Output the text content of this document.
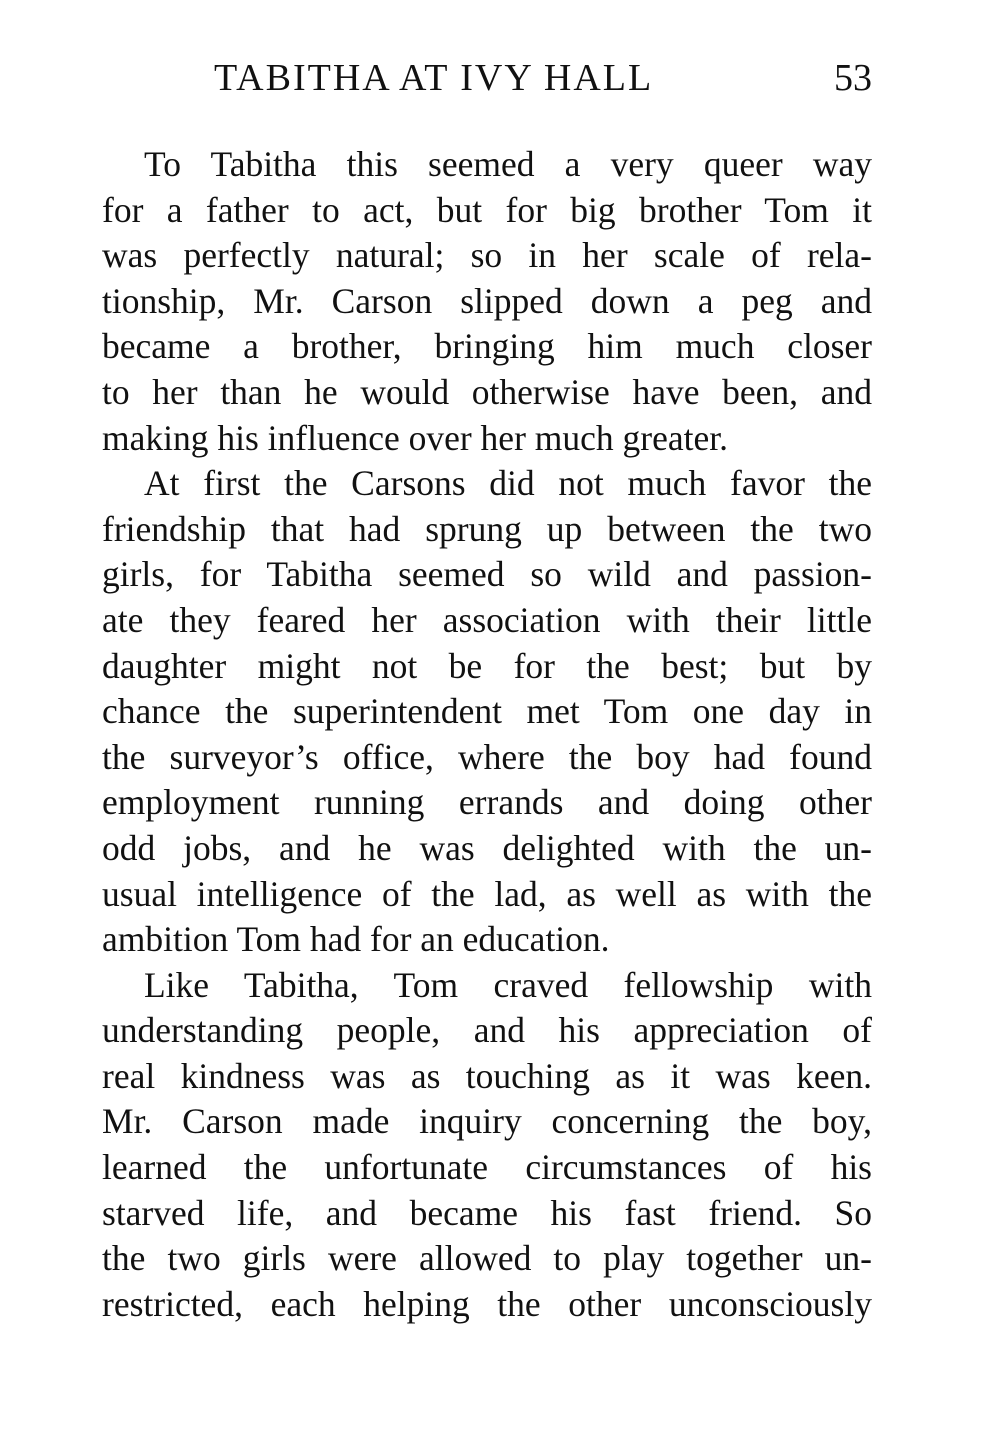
TABITHA AT IVY HALL	53
To Tabitha this seemed a very queer way
for a father to act, but for big brother Tom it
was perfectly natural; so in her scale of rela-
tionship, Mr. Carson slipped down a peg and
became a brother, bringing him much closer
to her than he would otherwise have been, and
making his influence over her much greater.
At first the Carsons did not much favor the
friendship that had sprung up between the two
girls, for Tabitha seemed so wild and passion-
ate they feared her association with their little
daughter might not be for the best; but by
chance the superintendent met Tom one day in
the surveyor’s office, where the boy had found
employment running errands and doing other
odd jobs, and he was delighted with the un-
usual intelligence of the lad, as well as with the
ambition Tom had for an education.
Like Tabitha, Tom craved fellowship with
understanding people, and his appreciation of
real kindness was as touching as it was keen.
Mr. Carson made inquiry concerning the boy,
learned the unfortunate circumstances of his
starved life, and became his fast friend. So
the two girls were allowed to play together un-
restricted, each helping the other unconsciously
